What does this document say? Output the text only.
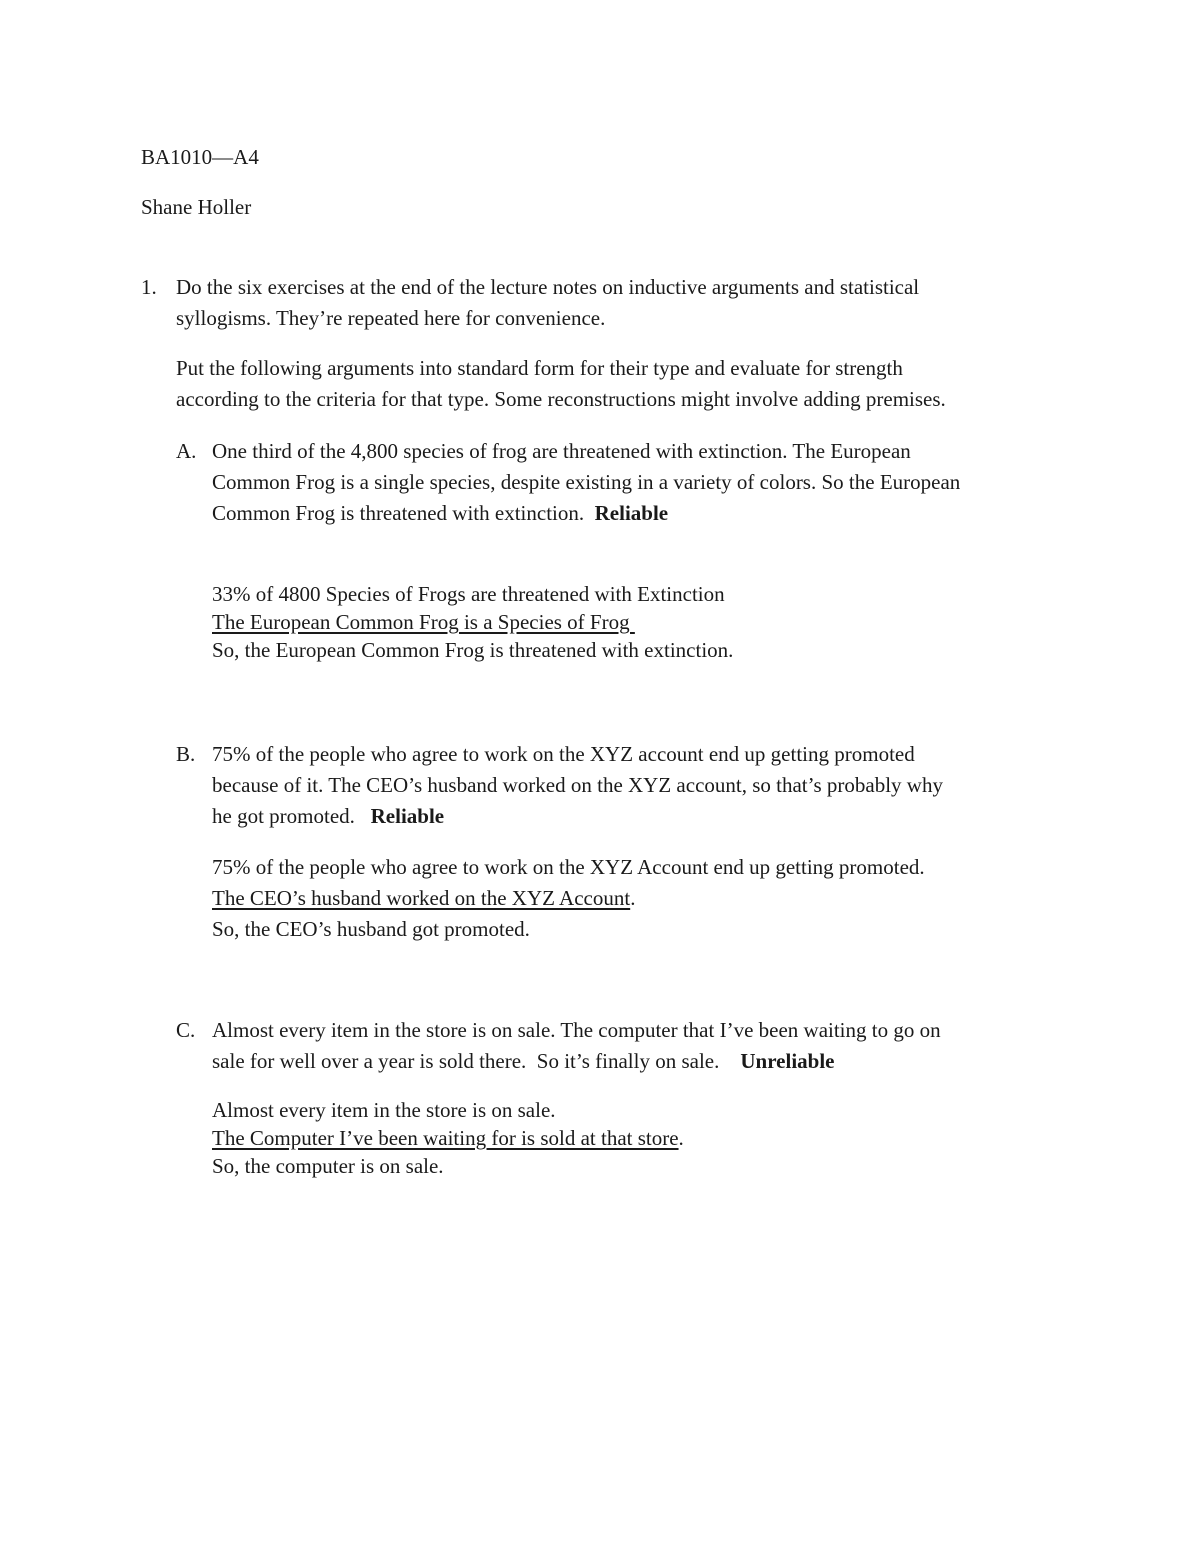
BA1010—A4
Shane Holler
1. Do the six exercises at the end of the lecture notes on inductive arguments and statistical
syllogisms. They’re repeated here for convenience.
Put the following arguments into standard form for their type and evaluate for strength
according to the criteria for that type. Some reconstructions might involve adding premises.
A. One third of the 4,800 species of frog are threatened with extinction. The European
Common Frog is a single species, despite existing in a variety of colors. So the European
Common Frog is threatened with extinction.  Reliable
33% of 4800 Species of Frogs are threatened with Extinction
The European Common Frog is a Species of Frog
So, the European Common Frog is threatened with extinction.
B. 75% of the people who agree to work on the XYZ account end up getting promoted
because of it. The CEO’s husband worked on the XYZ account, so that’s probably why
he got promoted.   Reliable
75% of the people who agree to work on the XYZ Account end up getting promoted.
The CEO’s husband worked on the XYZ Account.
So, the CEO’s husband got promoted.
C. Almost every item in the store is on sale. The computer that I’ve been waiting to go on
sale for well over a year is sold there.  So it’s finally on sale.    Unreliable
Almost every item in the store is on sale.
The Computer I’ve been waiting for is sold at that store.
So, the computer is on sale.
